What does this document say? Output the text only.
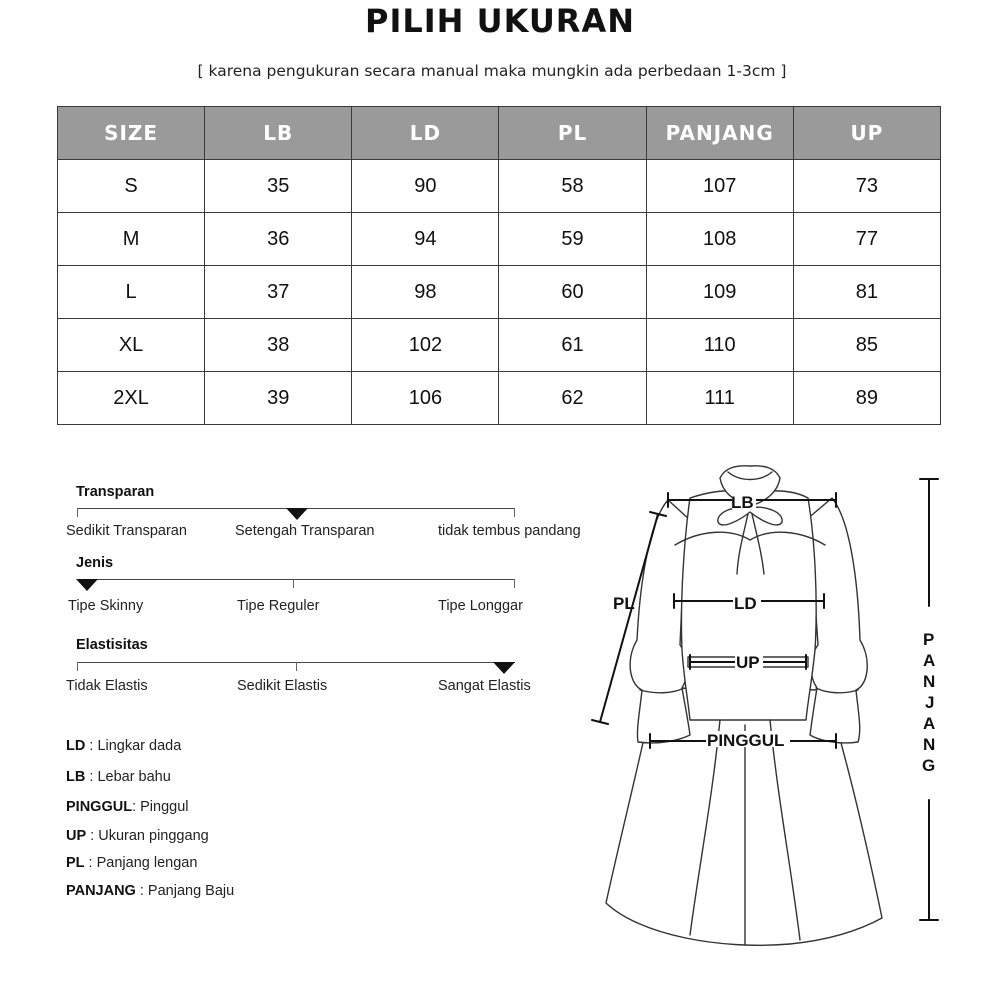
PILIH UKURAN
[ karena pengukuran secara manual maka mungkin ada perbedaan 1-3cm ]
SIZE	LB	LD	PL	PANJANG	UP
S	35	90	58	107	73
M	36	94	59	108	77
L	37	98	60	109	81
XL	38	102	61	110	85
2XL	39	106	62	111	89
Transparan
Sedikit Transparan	Setengah Transparan	tidak tembus pandang
Jenis
Tipe Skinny	Tipe Reguler	Tipe Longgar
Elastisitas
Tidak Elastis	Sedikit Elastis	Sangat Elastis
LD : Lingkar dada
LB : Lebar bahu
PINGGUL: Pinggul
UP : Ukuran pinggang
PL : Panjang lengan
PANJANG : Panjang Baju
LB
PL	LD
UP
PINGGUL
P
A
N
J
A
N
G
